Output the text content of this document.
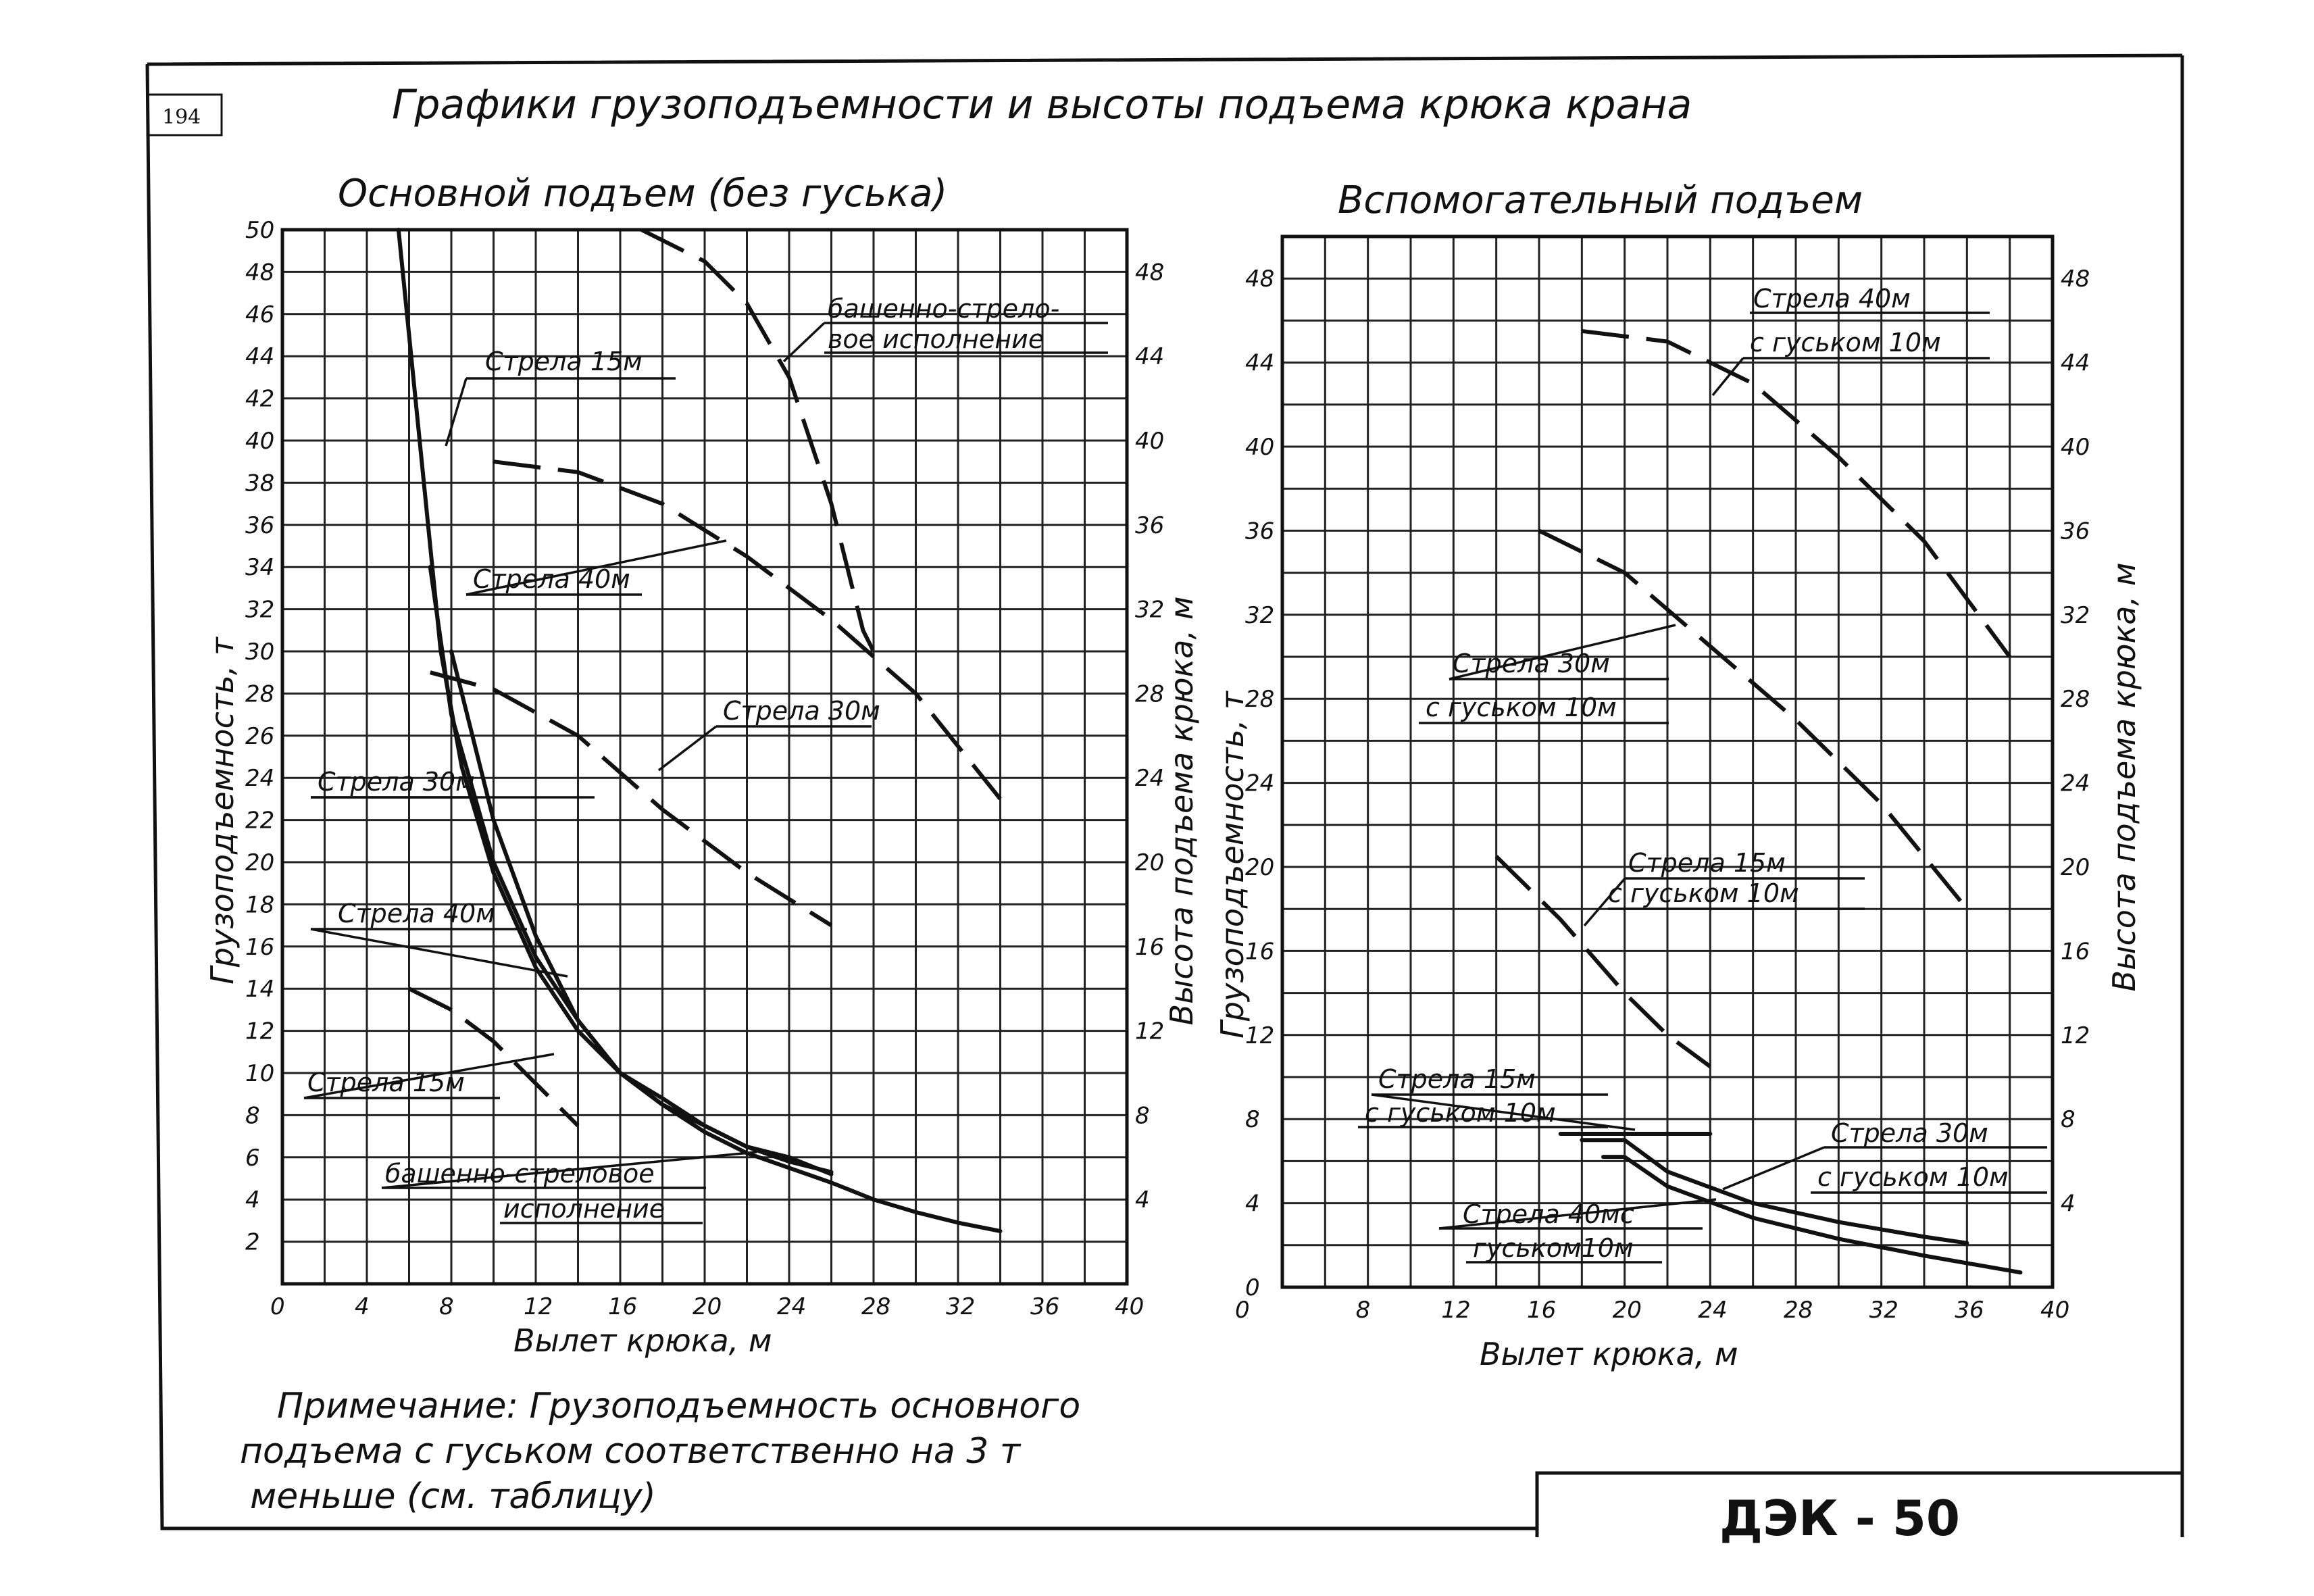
194	Графики грузоподъемности и высоты подъема крюка крана
0	4	8	12 16 20 24 28 32 36 40
2
4
6
8
10
12
14
16
18
20
22
24
26
28
30
32
34
36
38
40
42
44
46
48
50
4
8
12
16
20
24
28
32
36
40
44
48
Основной подъем (без гуська)
Вылет крюка, м
Грузоподъемность, т	Высота подъема крюка, м
Стрела 15м
Стрела 40м
Стрела 30м
Стрела 30м
Стрела 40м
Стрела 15м
башенно-стрело-
вое исполнение
башенно-стреловое
исполнение
0	8	12 16 20 24 28 32 36 40
0
4
8
12
16
20
24
28
32
36
40
44
48
4
8
12
16
20
24
28
32
36
40
44
48
Вспомогательный подъем
Вылет крюка, м
Грузоподъемность, т	Высота подъема крюка, м
Стрела 40м
с гуськом 10м
Стрела 30м
с гуськом 10м
Стрела 15м
с гуськом 10м
Стрела 15м
с гуськом 10м
Стрела 30м
с гуськом 10м
Стрела 40мс
гуськом10м
Примечание: Грузоподъемность основного
подъема с гуськом соответственно на 3 т
меньше (см. таблицу)	ДЭК - 50
